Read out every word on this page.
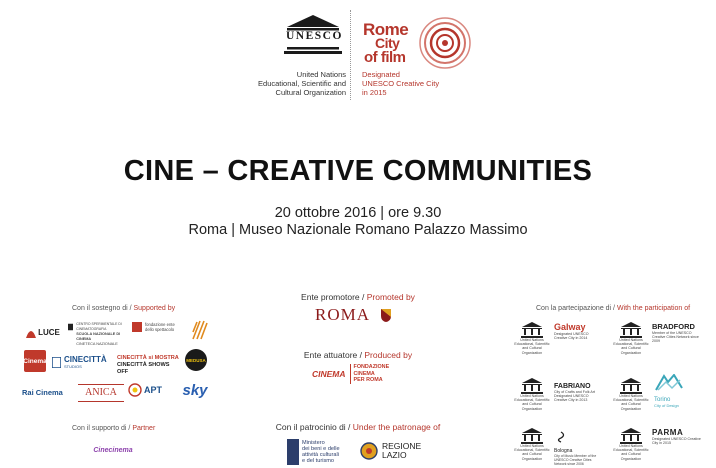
UNESCO
United Nations
Educational, Scientific and
Cultural Organization
Rome
City
of film
Designated
UNESCO Creative City
in 2015
CINE – CREATIVE COMMUNITIES
20 ottobre 2016 | ore 9.30
Roma | Museo Nazionale Romano Palazzo Massimo
Con il sostegno di / Supported by
LUCE
CENTRO SPERIMENTALE DI CINEMATOGRAFIA
SCUOLA NAZIONALE DI CINEMA
CINETECA NAZIONALE
fondazione ente dello spettacolo
Cinema CINECITTÀ
STUDIOS
CINECITTÀ si MOSTRA
CINECITTÀ SHOWS OFF
MEDUSA
Rai Cinema	ANICA	APT sky
Con il supporto di / Partner
Cinecinema
Ente promotore / Promoted by
ROMA
Ente attuatore / Produced by
CINEMA
FONDAZIONE
CINEMA
PER ROMA
Con il patrocinio di / Under the patronage of
Ministero
dei beni e delle
attività culturali
e del turismo
REGIONE
LAZIO
Con la partecipazione di / With the participation of
United Nations Educational, Scientific and Cultural Organization
Galway
Designated UNESCO Creative City in 2014	United Nations Educational, Scientific and Cultural Organization
BRADFORD
Member of the UNESCO Creative Cities Network since 2009
United Nations Educational, Scientific and Cultural Organization
FABRIANO
City of Crafts and Folk Art Designated UNESCO Creative City in 2013
United Nations Educational, Scientific and Cultural Organization
Torino
City of Design
United Nations Educational, Scientific and Cultural Organization
Bologna
City of Music Member of the UNESCO Creative Cities Network since 2006
United Nations Educational, Scientific and Cultural Organization
PARMA
Designated UNESCO Creative City in 2015
